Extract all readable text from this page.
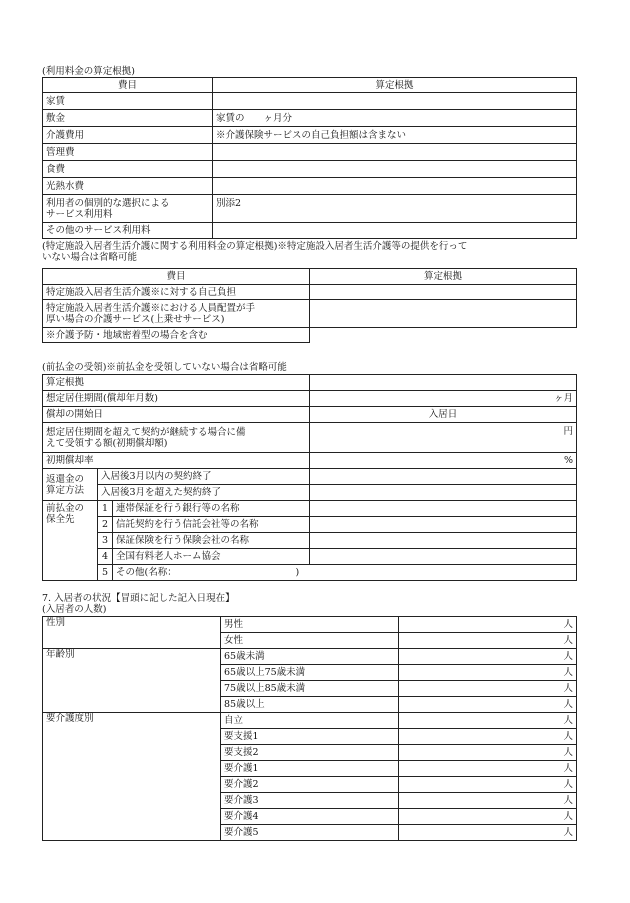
(利用料金の算定根拠)
費目	算定根拠
家賃	
敷金	家賃の　　ヶ月分
介護費用	※介護保険サービスの自己負担額は含まない
管理費	
食費	
光熱水費	

利用者の個別的な選択による
サービス利用料	別添2
その他のサービス利用料	
(特定施設入居者生活介護に関する利用料金の算定根拠)※特定施設入居者生活介護等の提供を行って
いない場合は省略可能
費目	算定根拠
特定施設入居者生活介護※に対する自己負担	

特定施設入居者生活介護※における人員配置が手
厚い場合の介護サービス(上乗せサービス)	

※介護予防・地域密着型の場合を含む	
(前払金の受領)※前払金を受領していない場合は省略可能
算定根拠			
想定居住期間(償却年月数)			ヶ月
償却の開始日			入居日

想定居住期間を超えて契約が継続する場合に備
えて受領する額(初期償却額)			円
初期償却率			%

返還金の
算定方法	入居後3月以内の契約終了		
	入居後3月を超えた契約終了		

前払金の
保全先	1	連帯保証を行う銀行等の名称	
	2	信託契約を行う信託会社等の名称	
	3	保証保険を行う保険会社の名称	
	4	全国有料老人ホーム協会	
	5	その他(名称：　　　　　　　　　　　　　)	
7. 入居者の状況【冒頭に記した記入日現在】
(入居者の人数)
性別	男性	人
	女性	人
年齢別	65歳未満	人
	65歳以上75歳未満	人
	75歳以上85歳未満	人
	85歳以上	人
要介護度別	自立	人
	要支援1	人
	要支援2	人
	要介護1	人
	要介護2	人
	要介護3	人
	要介護4	人
	要介護5	人
